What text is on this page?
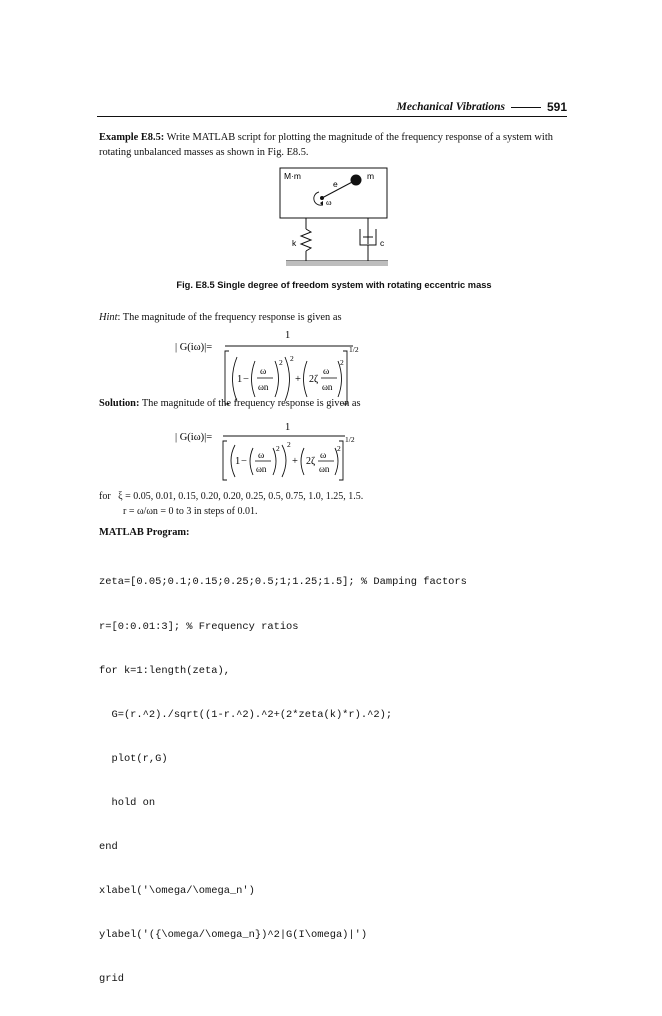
Mechanical Vibrations	591
Example E8.5: Write MATLAB script for plotting the magnitude of the frequency response of a system with rotating unbalanced masses as shown in Fig. E8.5.
M·m	m
e
ω
k	c
Fig. E8.5 Single degree of freedom system with rotating eccentric mass
Hint: The magnitude of the frequency response is given as
| G(iω)|=
1
1/2
1 −
ω
ωn
2 2
+ 2ζ
ω
ωn
2
Solution: The magnitude of the frequency response is given as
| G(iω)|=
1
1/2
1 − ω
ωn
2 2
+ 2ζ ω
ωn
2
for ξ = 0.05, 0.01, 0.15, 0.20, 0.20, 0.25, 0.5, 0.75, 1.0, 1.25, 1.5.
r = ω/ωn = 0 to 3 in steps of 0.01.
MATLAB Program:

zeta=[0.05;0.1;0.15;0.25;0.5;1;1.25;1.5]; % Damping factors

r=[0:0.01:3]; % Frequency ratios

for k=1:length(zeta),

G=(r.^2)./sqrt((1-r.^2).^2+(2*zeta(k)*r).^2);

plot(r,G)

hold on

end

xlabel('\omega/\omega_n')

ylabel('({\omega/\omega_n})^2|G(I\omega)|')

grid
